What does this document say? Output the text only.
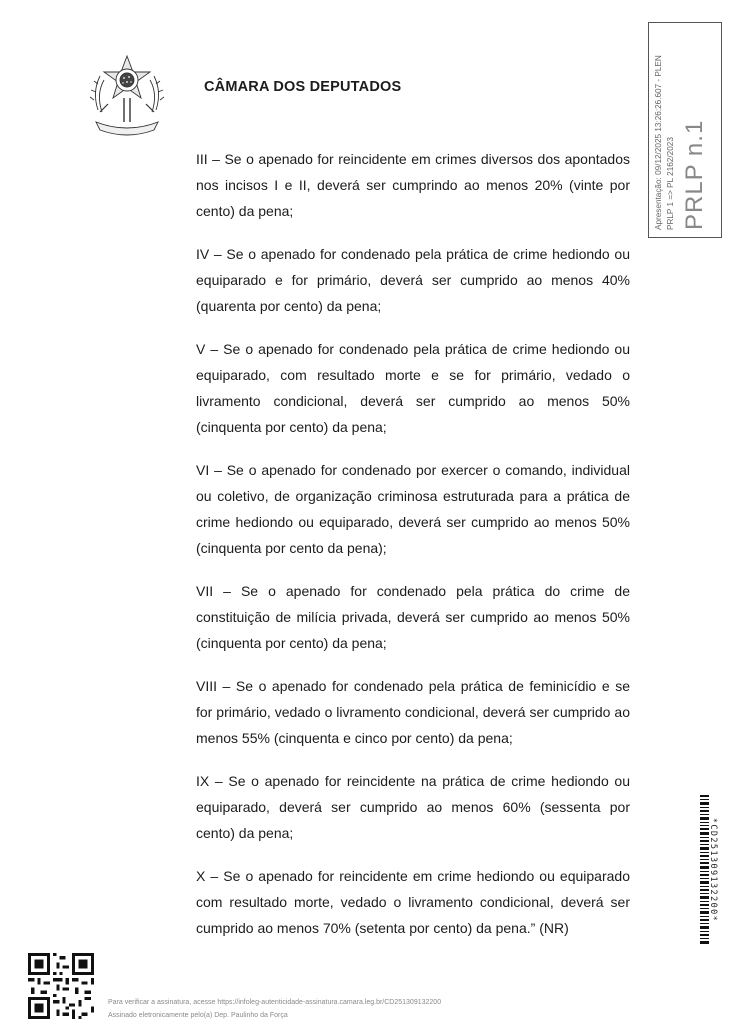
CÂMARA DOS DEPUTADOS	Apresentação: 09/12/2025 13:26:26.607 - PLEN PRLP 1 => PL 2162/2023 PRLP n.1

III – Se o apenado for reincidente em crimes diversos dos apontados nos incisos I e II, deverá ser cumprindo ao menos 20% (vinte por cento) da pena;

IV – Se o apenado for condenado pela prática de crime hediondo ou equiparado e for primário, deverá ser cumprido ao menos 40% (quarenta por cento) da pena;

V – Se o apenado for condenado pela prática de crime hediondo ou equiparado, com resultado morte e se for primário, vedado o livramento condicional, deverá ser cumprido ao menos 50% (cinquenta por cento) da pena;

VI – Se o apenado for condenado por exercer o comando, individual ou coletivo, de organização criminosa estruturada para a prática de crime hediondo ou equiparado, deverá ser cumprido ao menos 50% (cinquenta por cento da pena);

VII – Se o apenado for condenado pela prática do crime de constituição de milícia privada, deverá ser cumprido ao menos 50% (cinquenta por cento) da pena;

VIII – Se o apenado for condenado pela prática de feminicídio e se for primário, vedado o livramento condicional, deverá ser cumprido ao menos 55% (cinquenta e cinco por cento) da pena;

IX – Se o apenado for reincidente na prática de crime hediondo ou equiparado, deverá ser cumprido ao menos 60% (sessenta por cento) da pena;

X – Se o apenado for reincidente em crime hediondo ou equiparado com resultado morte, vedado o livramento condicional, deverá ser cumprido ao menos 70% (setenta por cento) da pena.” (NR)

*CD251309132200*
Para verificar a assinatura, acesse https://infoleg-autenticidade-assinatura.camara.leg.br/CD251309132200
Assinado eletronicamente pelo(a) Dep. Paulinho da Força
